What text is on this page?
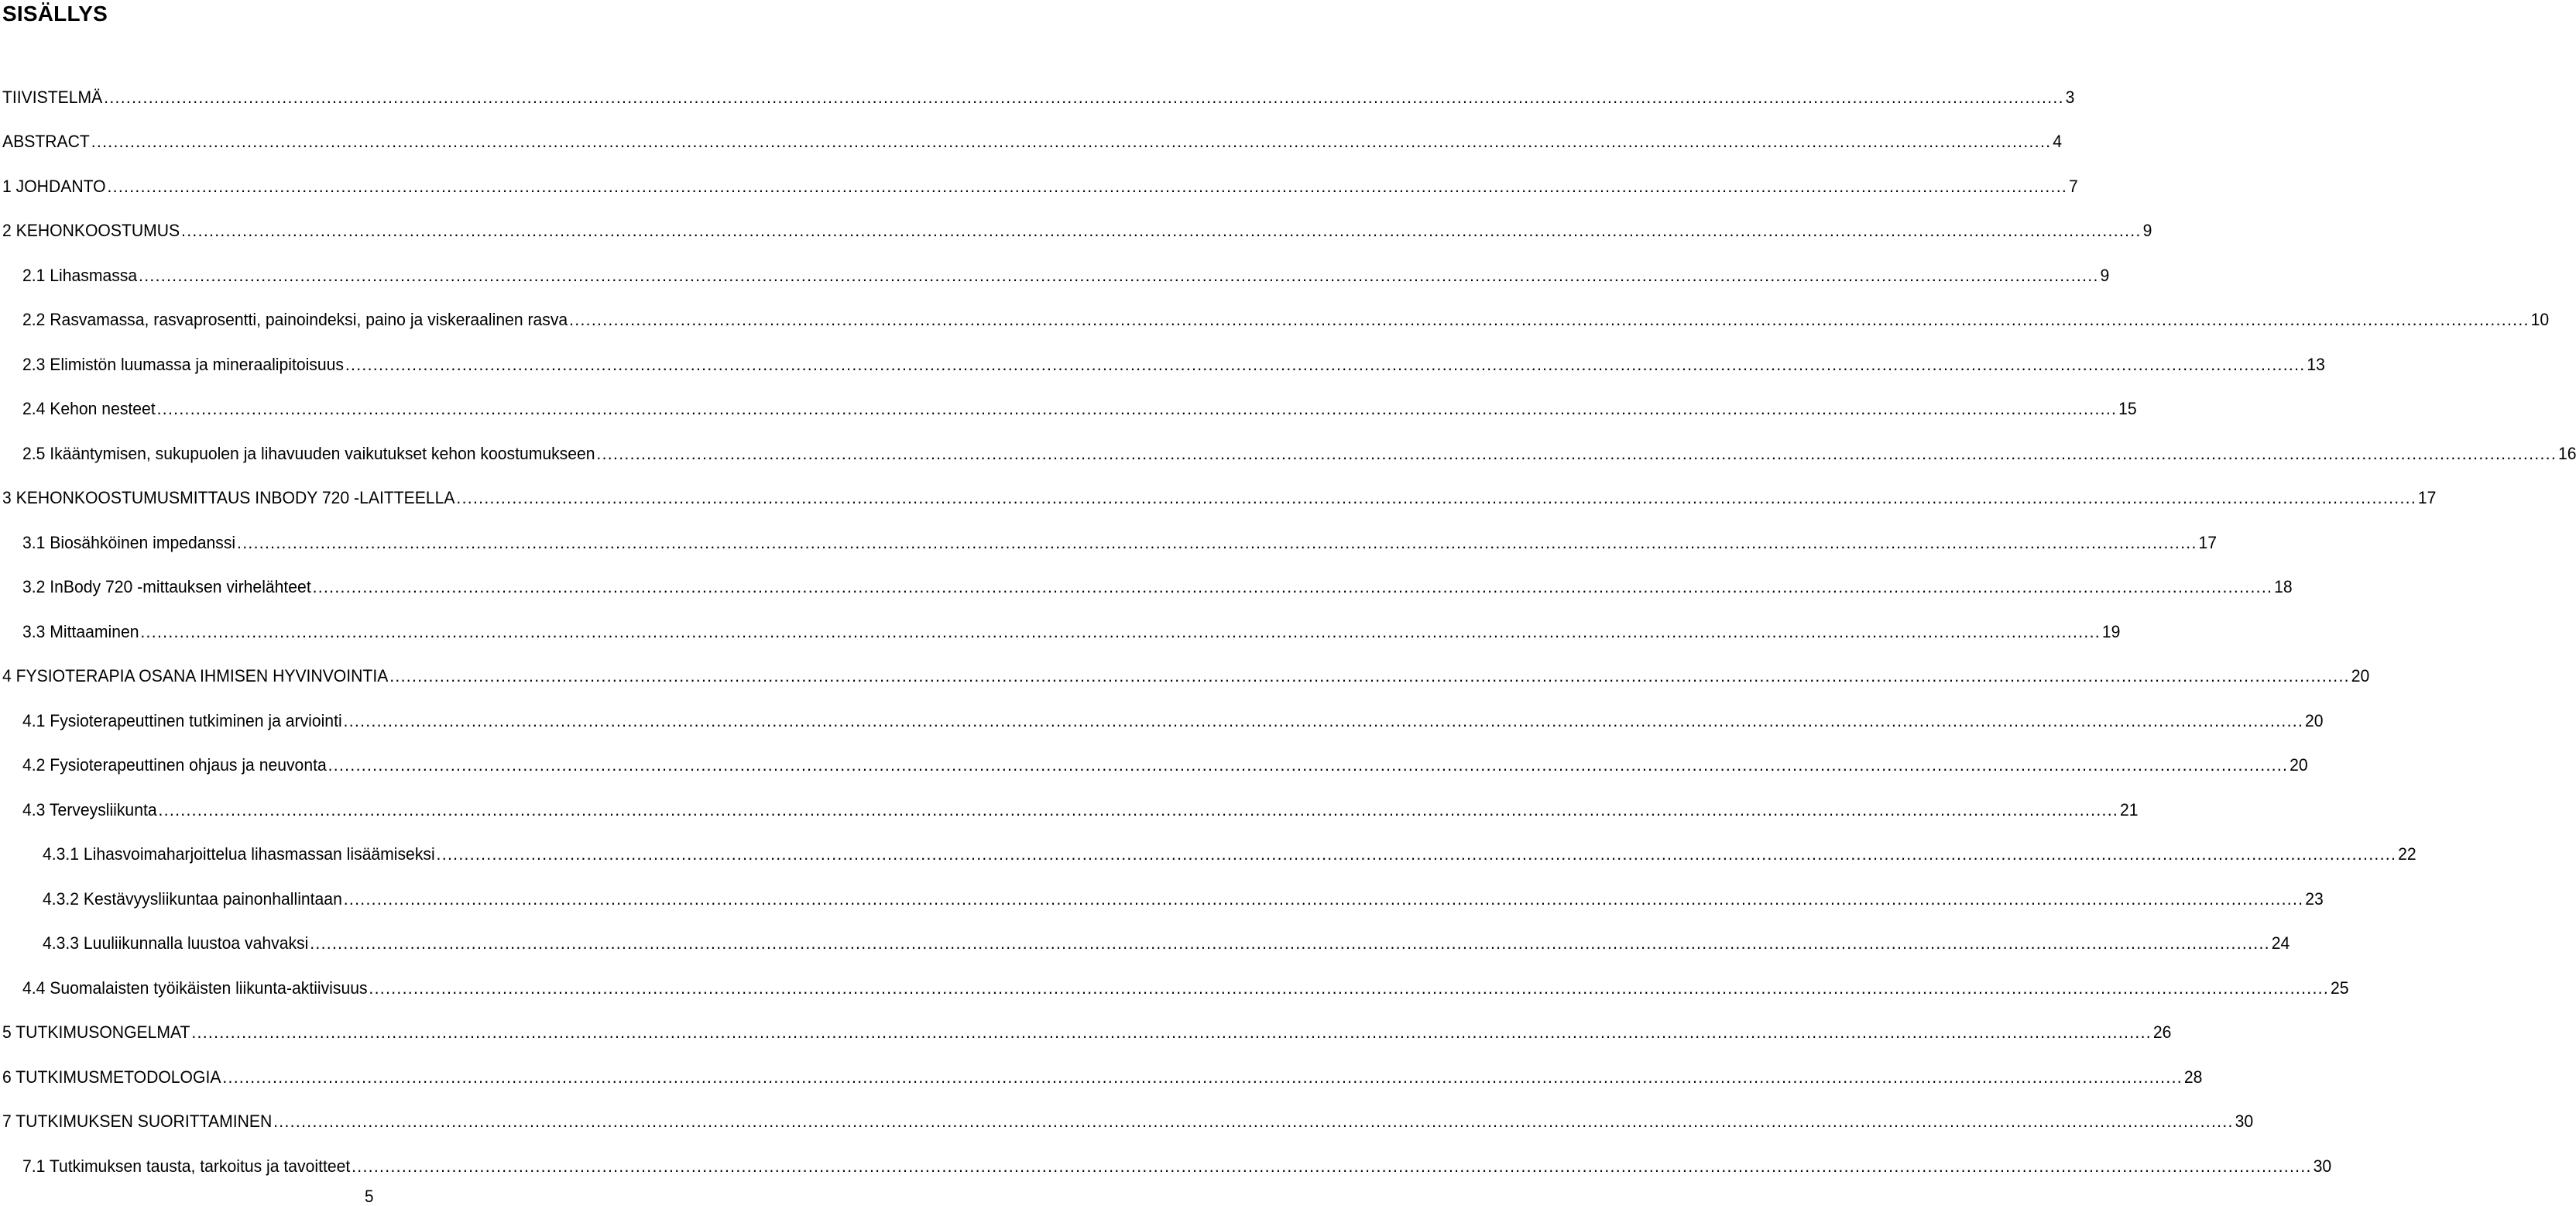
SISÄLLYS
TIIVISTELMÄ ................................................................................................................................................................................................................................................................................................................................................................ 3
ABSTRACT ................................................................................................................................................................................................................................................................................................................................................................ 4
1 JOHDANTO ................................................................................................................................................................................................................................................................................................................................................................ 7
2 KEHONKOOSTUMUS ................................................................................................................................................................................................................................................................................................................................................................ 9
2.1 Lihasmassa ................................................................................................................................................................................................................................................................................................................................................................ 9
2.2 Rasvamassa, rasvaprosentti, painoindeksi, paino ja viskeraalinen rasva ................................................................................................................................................................................................................................................................................................................................................................ 10
2.3 Elimistön luumassa ja mineraalipitoisuus ................................................................................................................................................................................................................................................................................................................................................................ 13
2.4 Kehon nesteet ................................................................................................................................................................................................................................................................................................................................................................ 15
2.5 Ikääntymisen, sukupuolen ja lihavuuden vaikutukset kehon koostumukseen ................................................................................................................................................................................................................................................................................................................................................................ 16
3 KEHONKOOSTUMUSMITTAUS INBODY 720 -LAITTEELLA ................................................................................................................................................................................................................................................................................................................................................................ 17
3.1 Biosähköinen impedanssi ................................................................................................................................................................................................................................................................................................................................................................ 17
3.2 InBody 720 -mittauksen virhelähteet ................................................................................................................................................................................................................................................................................................................................................................ 18
3.3 Mittaaminen ................................................................................................................................................................................................................................................................................................................................................................ 19
4 FYSIOTERAPIA OSANA IHMISEN HYVINVOINTIA ................................................................................................................................................................................................................................................................................................................................................................ 20
4.1 Fysioterapeuttinen tutkiminen ja arviointi ................................................................................................................................................................................................................................................................................................................................................................ 20
4.2 Fysioterapeuttinen ohjaus ja neuvonta ................................................................................................................................................................................................................................................................................................................................................................ 20
4.3 Terveysliikunta ................................................................................................................................................................................................................................................................................................................................................................ 21
4.3.1 Lihasvoimaharjoittelua lihasmassan lisäämiseksi ................................................................................................................................................................................................................................................................................................................................................................ 22
4.3.2 Kestävyysliikuntaa painonhallintaan ................................................................................................................................................................................................................................................................................................................................................................ 23
4.3.3 Luuliikunnalla luustoa vahvaksi ................................................................................................................................................................................................................................................................................................................................................................ 24
4.4 Suomalaisten työikäisten liikunta-aktiivisuus ................................................................................................................................................................................................................................................................................................................................................................ 25
5 TUTKIMUSONGELMAT ................................................................................................................................................................................................................................................................................................................................................................ 26
6 TUTKIMUSMETODOLOGIA ................................................................................................................................................................................................................................................................................................................................................................ 28
7 TUTKIMUKSEN SUORITTAMINEN ................................................................................................................................................................................................................................................................................................................................................................ 30
7.1 Tutkimuksen tausta, tarkoitus ja tavoitteet ................................................................................................................................................................................................................................................................................................................................................................ 30
5
